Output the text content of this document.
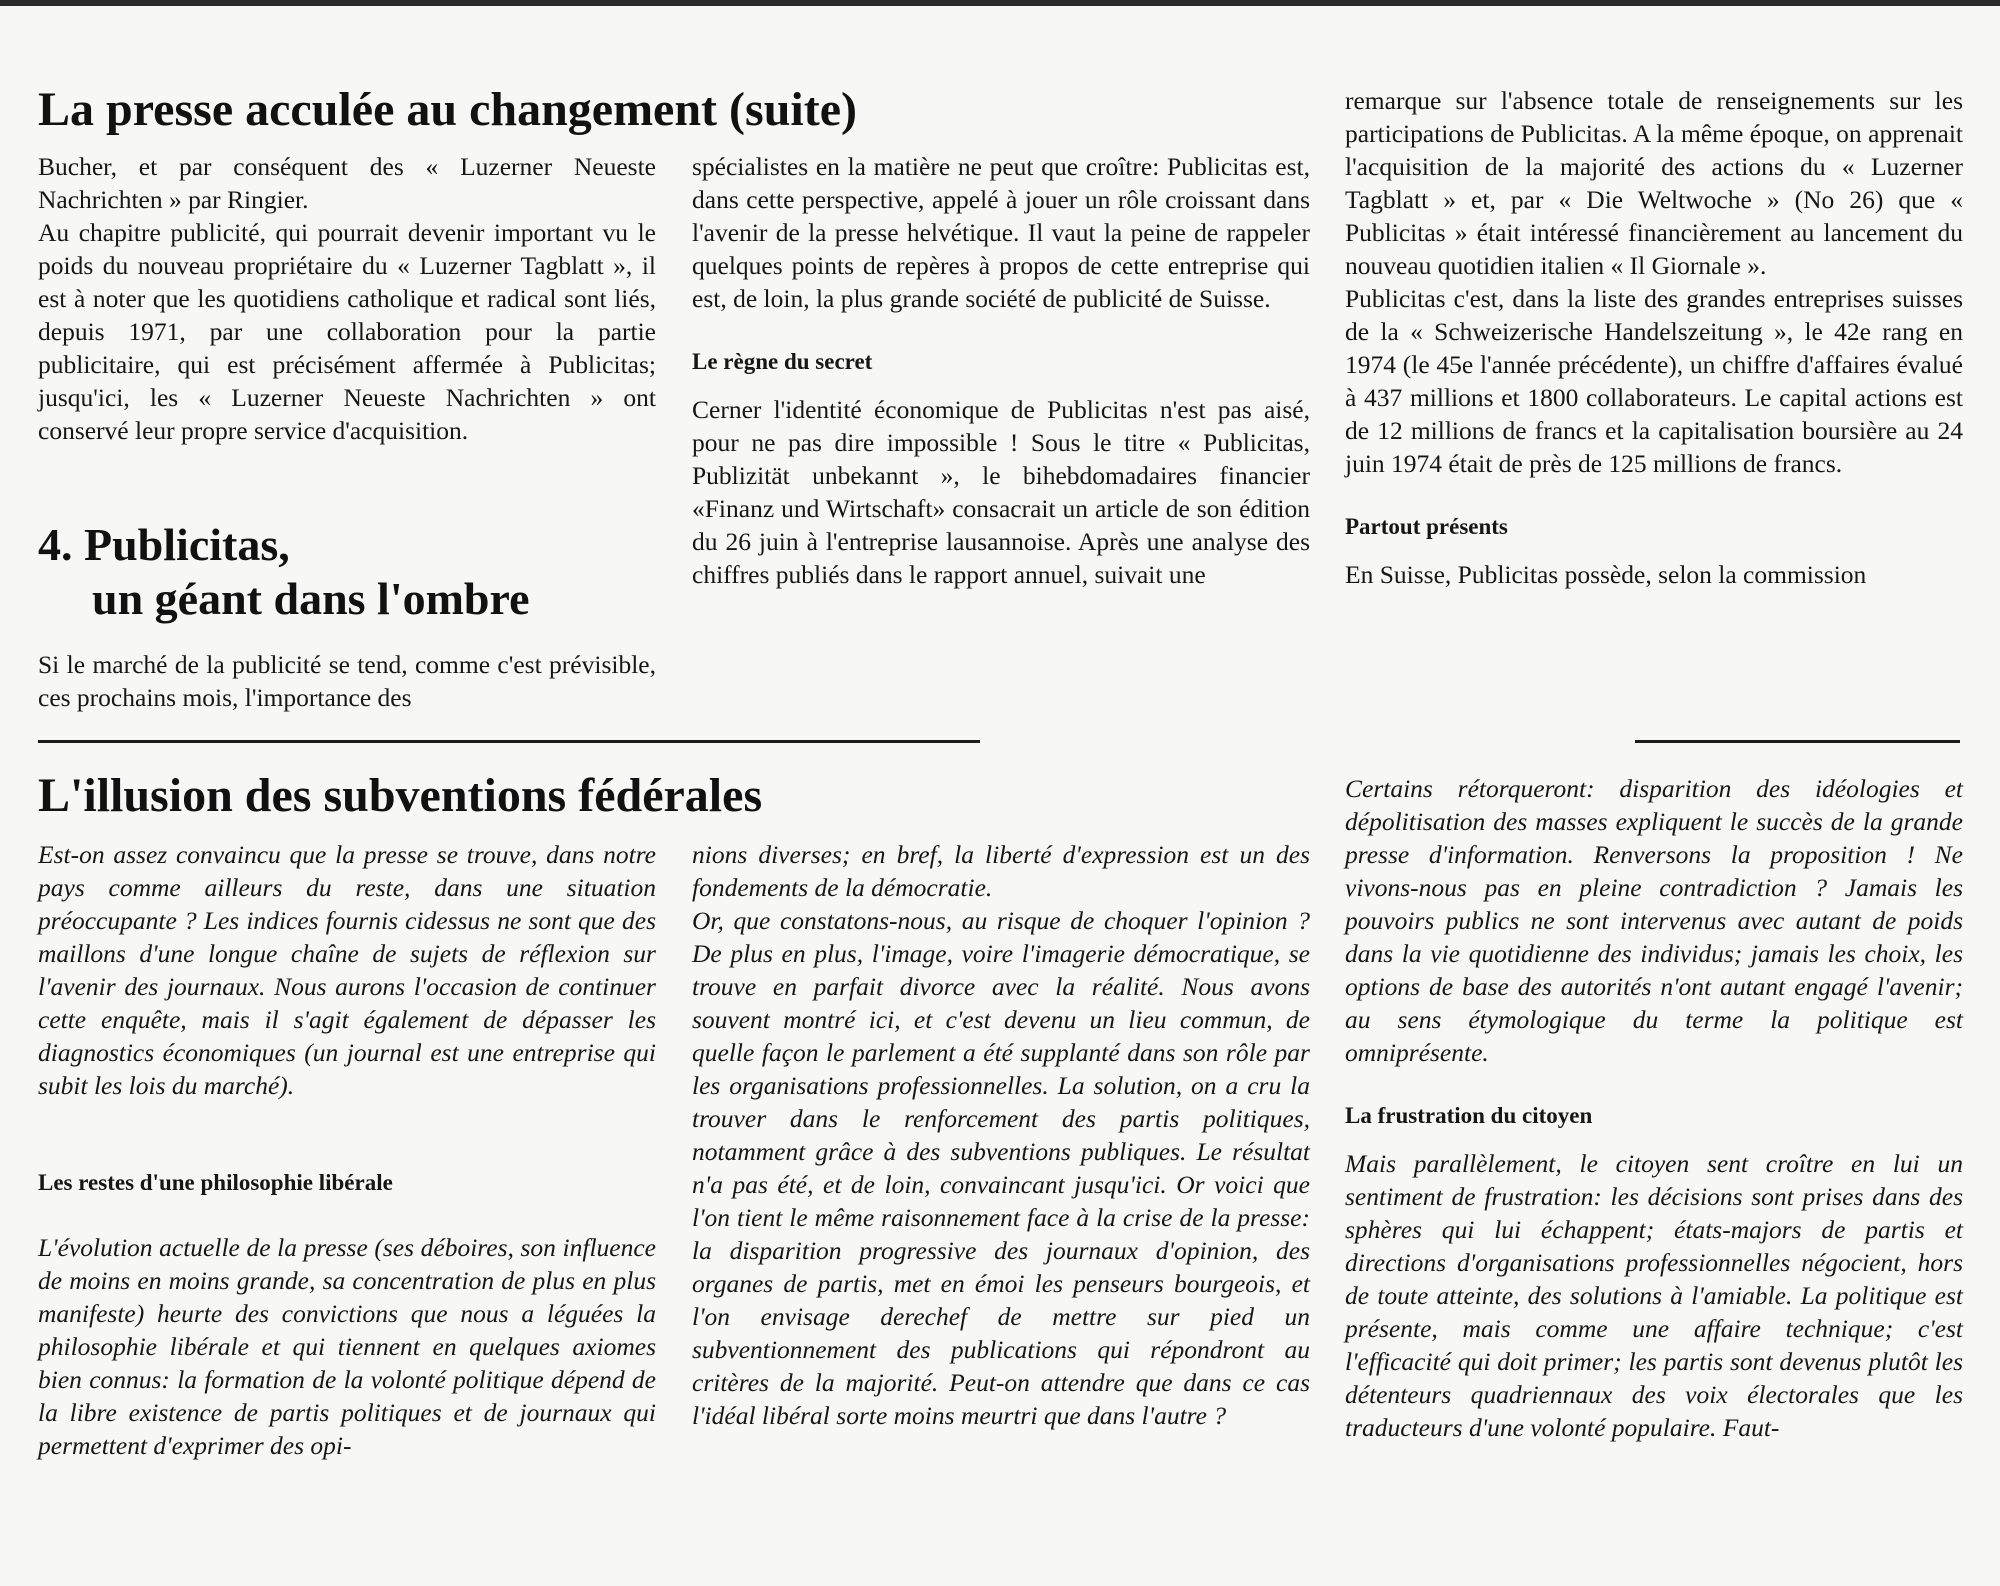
La presse acculée au changement (suite)

Bucher, et par conséquent des « Luzerner Neueste Nachrichten » par Ringier.

Au chapitre publicité, qui pourrait devenir important vu le poids du nouveau propriétaire du « Luzerner Tagblatt », il est à noter que les quotidiens catholique et radical sont liés, depuis 1971, par une collaboration pour la partie publicitaire, qui est précisément affermée à Publicitas; jusqu'ici, les « Luzerner Neueste Nachrichten » ont conservé leur propre service d'acquisition.

4. Publicitas,
un géant dans l'ombre

Si le marché de la publicité se tend, comme c'est prévisible, ces prochains mois, l'importance des

spécialistes en la matière ne peut que croître: Publicitas est, dans cette perspective, appelé à jouer un rôle croissant dans l'avenir de la presse helvétique. Il vaut la peine de rappeler quelques points de repères à propos de cette entreprise qui est, de loin, la plus grande société de publicité de Suisse.

Le règne du secret

Cerner l'identité économique de Publicitas n'est pas aisé, pour ne pas dire impossible ! Sous le titre « Publicitas, Publizität unbekannt », le bihebdomadaires financier «Finanz und Wirtschaft» consacrait un article de son édition du 26 juin à l'entreprise lausannoise. Après une analyse des chiffres publiés dans le rapport annuel, suivait une

remarque sur l'absence totale de renseignements sur les participations de Publicitas. A la même époque, on apprenait l'acquisition de la majorité des actions du « Luzerner Tagblatt » et, par « Die Weltwoche » (No 26) que « Publicitas » était intéressé financièrement au lancement du nouveau quotidien italien « Il Giornale ».

Publicitas c'est, dans la liste des grandes entreprises suisses de la « Schweizerische Handelszeitung », le 42e rang en 1974 (le 45e l'année précédente), un chiffre d'affaires évalué à 437 millions et 1800 collaborateurs. Le capital actions est de 12 millions de francs et la capitalisation boursière au 24 juin 1974 était de près de 125 millions de francs.

Partout présents

En Suisse, Publicitas possède, selon la commission

L'illusion des subventions fédérales

Est-on assez convaincu que la presse se trouve, dans notre pays comme ailleurs du reste, dans une situation préoccupante ? Les indices fournis cidessus ne sont que des maillons d'une longue chaîne de sujets de réflexion sur l'avenir des journaux. Nous aurons l'occasion de continuer cette enquête, mais il s'agit également de dépasser les diagnostics économiques (un journal est une entreprise qui subit les lois du marché).

Les restes d'une philosophie libérale

L'évolution actuelle de la presse (ses déboires, son influence de moins en moins grande, sa concentration de plus en plus manifeste) heurte des convictions que nous a léguées la philosophie libérale et qui tiennent en quelques axiomes bien connus: la formation de la volonté politique dépend de la libre existence de partis politiques et de journaux qui permettent d'exprimer des opi-

nions diverses; en bref, la liberté d'expression est un des fondements de la démocratie.

Or, que constatons-nous, au risque de choquer l'opinion ? De plus en plus, l'image, voire l'imagerie démocratique, se trouve en parfait divorce avec la réalité. Nous avons souvent montré ici, et c'est devenu un lieu commun, de quelle façon le parlement a été supplanté dans son rôle par les organisations professionnelles. La solution, on a cru la trouver dans le renforcement des partis politiques, notamment grâce à des subventions publiques. Le résultat n'a pas été, et de loin, convaincant jusqu'ici. Or voici que l'on tient le même raisonnement face à la crise de la presse: la disparition progressive des journaux d'opinion, des organes de partis, met en émoi les penseurs bourgeois, et l'on envisage derechef de mettre sur pied un subventionnement des publications qui répondront au critères de la majorité. Peut-on attendre que dans ce cas l'idéal libéral sorte moins meurtri que dans l'autre ?

Certains rétorqueront: disparition des idéologies et dépolitisation des masses expliquent le succès de la grande presse d'information. Renversons la proposition ! Ne vivons-nous pas en pleine contradiction ? Jamais les pouvoirs publics ne sont intervenus avec autant de poids dans la vie quotidienne des individus; jamais les choix, les options de base des autorités n'ont autant engagé l'avenir; au sens étymologique du terme la politique est omniprésente.

La frustration du citoyen

Mais parallèlement, le citoyen sent croître en lui un sentiment de frustration: les décisions sont prises dans des sphères qui lui échappent; états-majors de partis et directions d'organisations professionnelles négocient, hors de toute atteinte, des solutions à l'amiable. La politique est présente, mais comme une affaire technique; c'est l'efficacité qui doit primer; les partis sont devenus plutôt les détenteurs quadriennaux des voix électorales que les traducteurs d'une volonté populaire. Faut-
